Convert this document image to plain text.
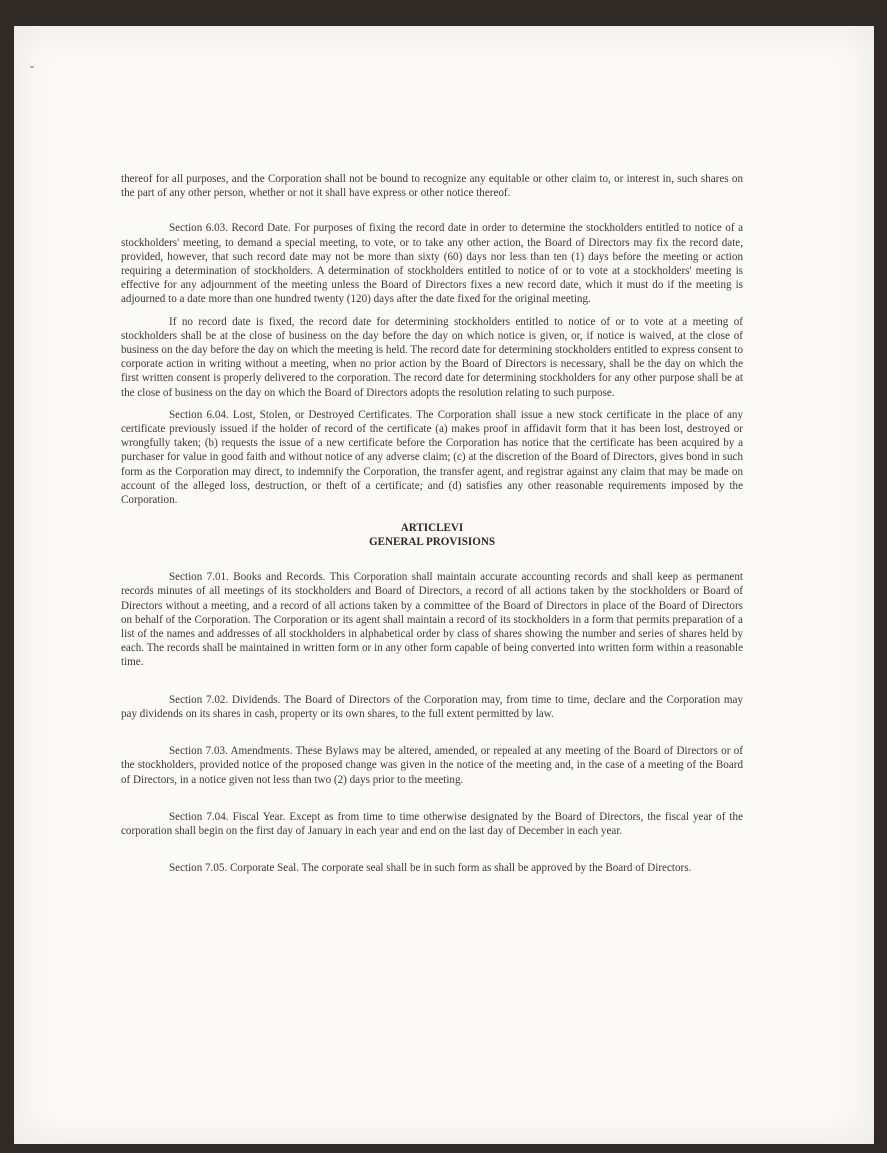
thereof for all purposes, and the Corporation shall not be bound to recognize any equitable or other claim to, or interest in, such shares on the part of any other person, whether or not it shall have express or other notice thereof.

Section 6.03. Record Date. For purposes of fixing the record date in order to determine the stockholders entitled to notice of a stockholders' meeting, to demand a special meeting, to vote, or to take any other action, the Board of Directors may fix the record date, provided, however, that such record date may not be more than sixty (60) days nor less than ten (1) days before the meeting or action requiring a determination of stockholders. A determination of stockholders entitled to notice of or to vote at a stockholders' meeting is effective for any adjournment of the meeting unless the Board of Directors fixes a new record date, which it must do if the meeting is adjourned to a date more than one hundred twenty (120) days after the date fixed for the original meeting.

If no record date is fixed, the record date for determining stockholders entitled to notice of or to vote at a meeting of stockholders shall be at the close of business on the day before the day on which notice is given, or, if notice is waived, at the close of business on the day before the day on which the meeting is held. The record date for determining stockholders entitled to express consent to corporate action in writing without a meeting, when no prior action by the Board of Directors is necessary, shall be the day on which the first written consent is properly delivered to the corporation. The record date for determining stockholders for any other purpose shall be at the close of business on the day on which the Board of Directors adopts the resolution relating to such purpose.

Section 6.04. Lost, Stolen, or Destroyed Certificates. The Corporation shall issue a new stock certificate in the place of any certificate previously issued if the holder of record of the certificate (a) makes proof in affidavit form that it has been lost, destroyed or wrongfully taken; (b) requests the issue of a new certificate before the Corporation has notice that the certificate has been acquired by a purchaser for value in good faith and without notice of any adverse claim; (c) at the discretion of the Board of Directors, gives bond in such form as the Corporation may direct, to indemnify the Corporation, the transfer agent, and registrar against any claim that may be made on account of the alleged loss, destruction, or theft of a certificate; and (d) satisfies any other reasonable requirements imposed by the Corporation.

ARTICLEVI
GENERAL PROVISIONS

Section 7.01. Books and Records. This Corporation shall maintain accurate accounting records and shall keep as permanent records minutes of all meetings of its stockholders and Board of Directors, a record of all actions taken by the stockholders or Board of Directors without a meeting, and a record of all actions taken by a committee of the Board of Directors in place of the Board of Directors on behalf of the Corporation. The Corporation or its agent shall maintain a record of its stockholders in a form that permits preparation of a list of the names and addresses of all stockholders in alphabetical order by class of shares showing the number and series of shares held by each. The records shall be maintained in written form or in any other form capable of being converted into written form within a reasonable time.

Section 7.02. Dividends. The Board of Directors of the Corporation may, from time to time, declare and the Corporation may pay dividends on its shares in cash, property or its own shares, to the full extent permitted by law.

Section 7.03. Amendments. These Bylaws may be altered, amended, or repealed at any meeting of the Board of Directors or of the stockholders, provided notice of the proposed change was given in the notice of the meeting and, in the case of a meeting of the Board of Directors, in a notice given not less than two (2) days prior to the meeting.

Section 7.04. Fiscal Year. Except as from time to time otherwise designated by the Board of Directors, the fiscal year of the corporation shall begin on the first day of January in each year and end on the last day of December in each year.

Section 7.05. Corporate Seal. The corporate seal shall be in such form as shall be approved by the Board of Directors.
